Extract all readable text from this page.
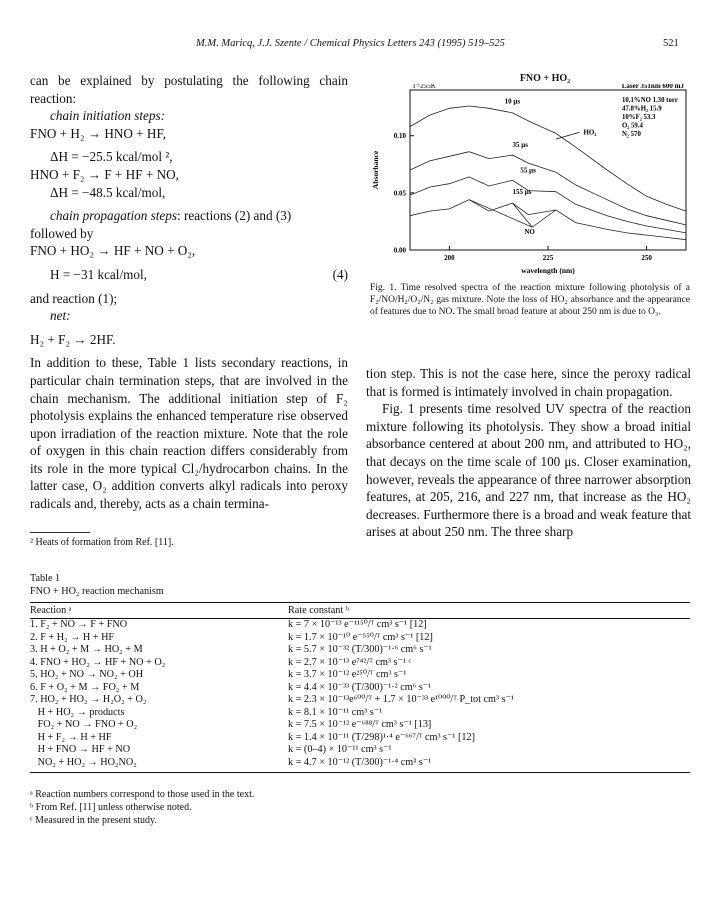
M.M. Maricq, J.J. Szente / Chemical Physics Letters 243 (1995) 519–525	521

can be explained by postulating the following chain reaction:

chain initiation steps:

FNO + H₂ → HNO + HF,

ΔH = −25.5 kcal/mol ²,

HNO + F₂ → F + HF + NO,

ΔH = −48.5 kcal/mol,

chain propagation steps: reactions (2) and (3)

followed by

FNO + HO₂ → HF + NO + O₂,

H = −31 kcal/mol,	(4)

and reaction (1);

net:

H₂ + F₂ → 2HF.

In addition to these, Table 1 lists secondary reactions, in particular chain termination steps, that are involved in the chain mechanism. The additional initiation step of F₂ photolysis explains the enhanced temperature rise observed upon irradiation of the reaction mixture. Note that the role of oxygen in this chain reaction differs considerably from its role in the more typical Cl₂/hydrocarbon chains. In the latter case, O₂ addition converts alkyl radicals into peroxy radicals and, thereby, acts as a chain termina-

² Heats of formation from Ref. [11].
FNO + HO₂
T=255K	Laser 351nm 600 mJ
10.1%NO 1.30 torr
47.8%H₂ 15.9
10%F₂ 53.3
O₂ 59.4
N₂ 570
0.10
0.05
0.00
200	225	250
Absorbance
wavelength (nm)
10 μs
35 μs
55 μs
155 μs
HO₂
NO
Fig. 1. Time resolved spectra of the reaction mixture following photolysis of a F₂/NO/H₂/O₂/N₂ gas mixture. Note the loss of HO₂ absorbance and the appearance of features due to NO. The small broad feature at about 250 nm is due to O₃.

tion step. This is not the case here, since the peroxy radical that is formed is intimately involved in chain propagation.

Fig. 1 presents time resolved UV spectra of the reaction mixture following its photolysis. They show a broad initial absorbance centered at about 200 nm, and attributed to HO₂, that decays on the time scale of 100 μs. Closer examination, however, reveals the appearance of three narrower absorption features, at 205, 216, and 227 nm, that increase as the HO₂ decreases. Furthermore there is a broad and weak feature that arises at about 250 nm. The three sharp

Table 1
FNO + HO₂ reaction mechanism
Reaction ᵃ	Rate constant ᵇ
1. F₂ + NO → F + FNO	k = 7 × 10⁻¹³ e⁻¹¹⁵⁰/ᵀ cm³ s⁻¹ [12]
2. F + H₂ → H + HF	k = 1.7 × 10⁻¹⁰ e⁻⁵⁵⁰/ᵀ cm³ s⁻¹ [12]
3. H + O₂ + M → HO₂ + M	k = 5.7 × 10⁻³² (T/300)⁻¹·⁶ cm⁶ s⁻¹
4. FNO + HO₂ → HF + NO + O₂	k = 2.7 × 10⁻¹³ e⁷⁴²/ᵀ cm³ s⁻¹ ᶜ
5. HO₂ + NO → NO₂ + OH	k = 3.7 × 10⁻¹² e²⁵⁰/ᵀ cm³ s⁻¹
6. F + O₂ + M → FO₂ + M	k = 4.4 × 10⁻³³ (T/300)⁻¹·² cm⁶ s⁻¹
7. HO₂ + HO₂ → H₂O₂ + O₂	k = 2.3 × 10⁻¹³e⁶⁰⁰/ᵀ + 1.7 × 10⁻³³ e¹⁰⁰⁰/ᵀ P_tot cm³ s⁻¹
H + HO₂ → products	k = 8.1 × 10⁻¹¹ cm³ s⁻¹
FO₂ + NO → FNO + O₂	k = 7.5 × 10⁻¹² e⁻⁶⁸⁸/ᵀ cm³ s⁻¹ [13]
H + F₂ → H + HF	k = 1.4 × 10⁻¹¹ (T/298)¹·⁴ e⁻⁶⁶⁷/ᵀ cm³ s⁻¹ [12]
H + FNO → HF + NO	k = (0–4) × 10⁻¹¹ cm³ s⁻¹
NO₂ + HO₂ → HO₂NO₂	k = 4.7 × 10⁻¹² (T/300)⁻¹·⁴ cm³ s⁻¹
ᵃ Reaction numbers correspond to those used in the text.
ᵇ From Ref. [11] unless otherwise noted.
ᶜ Measured in the present study.
